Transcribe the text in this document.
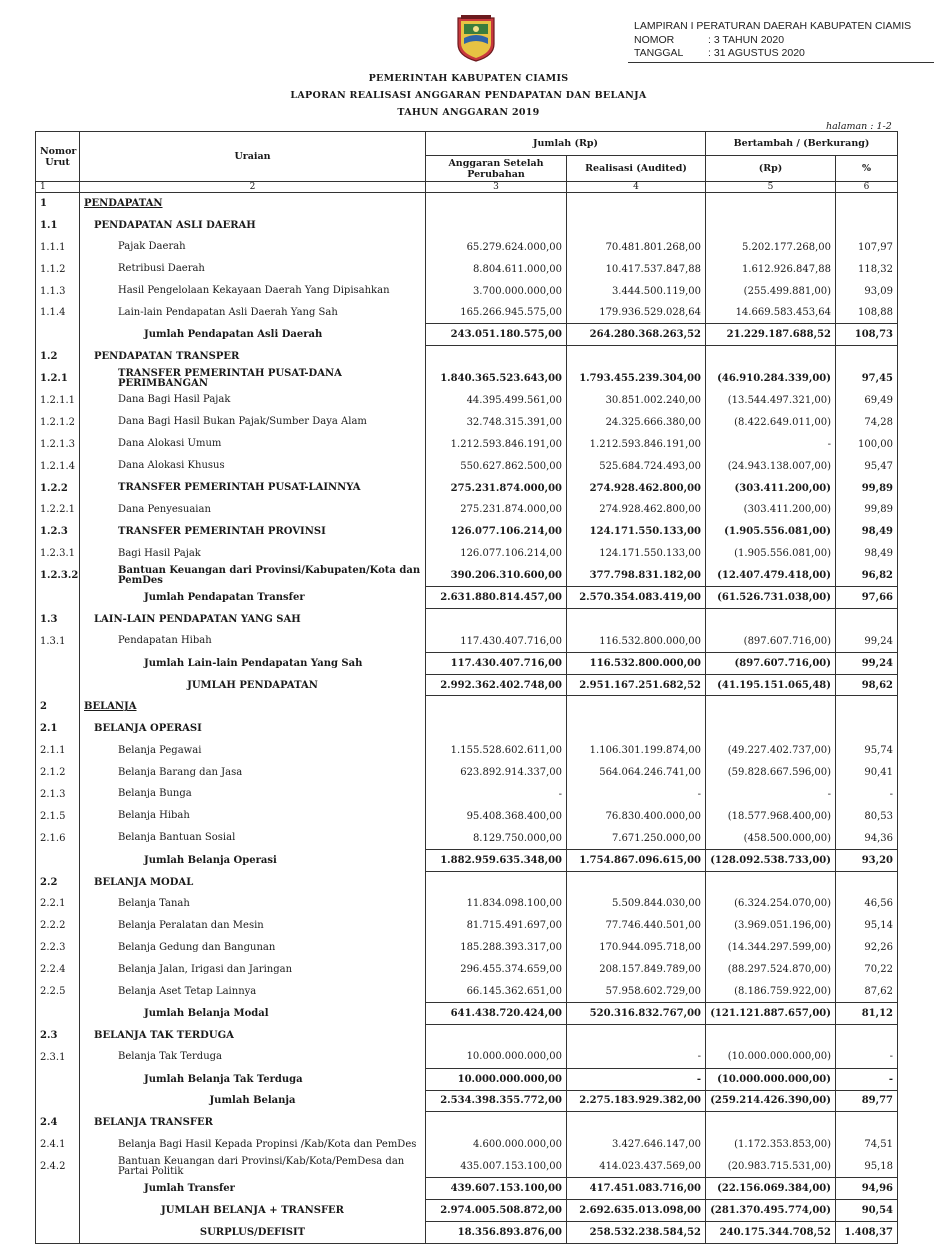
LAMPIRAN I PERATURAN DAERAH KABUPATEN CIAMIS
NOMOR	: 3 TAHUN 2020
TANGGAL : 31 AGUSTUS 2020
PEMERINTAH KABUPATEN CIAMIS
LAPORAN REALISASI ANGGARAN PENDAPATAN DAN BELANJA
TAHUN ANGGARAN 2019
halaman : 1-2
Nomor Urut	Uraian	Jumlah (Rp)		Bertambah / (Berkurang)	
		Anggaran Setelah Perubahan	Realisasi (Audited)	(Rp)	%
1	2	3	4	5	6
1	PENDAPATAN				
1.1	PENDAPATAN ASLI DAERAH				
1.1.1	Pajak Daerah	65.279.624.000,00	70.481.801.268,00	5.202.177.268,00	107,97
1.1.2	Retribusi Daerah	8.804.611.000,00	10.417.537.847,88	1.612.926.847,88	118,32
1.1.3	Hasil Pengelolaan Kekayaan Daerah Yang Dipisahkan	3.700.000.000,00	3.444.500.119,00	(255.499.881,00)	93,09
1.1.4	Lain-lain Pendapatan Asli Daerah Yang Sah	165.266.945.575,00	179.936.529.028,64	14.669.583.453,64	108,88
	Jumlah Pendapatan Asli Daerah	243.051.180.575,00	264.280.368.263,52	21.229.187.688,52	108,73
1.2	PENDAPATAN TRANSPER				
1.2.1	TRANSFER PEMERINTAH PUSAT-DANA PERIMBANGAN	1.840.365.523.643,00	1.793.455.239.304,00	(46.910.284.339,00)	97,45
1.2.1.1	Dana Bagi Hasil Pajak	44.395.499.561,00	30.851.002.240,00	(13.544.497.321,00)	69,49
1.2.1.2	Dana Bagi Hasil Bukan Pajak/Sumber Daya Alam	32.748.315.391,00	24.325.666.380,00	(8.422.649.011,00)	74,28
1.2.1.3	Dana Alokasi Umum	1.212.593.846.191,00	1.212.593.846.191,00	-	100,00
1.2.1.4	Dana Alokasi Khusus	550.627.862.500,00	525.684.724.493,00	(24.943.138.007,00)	95,47
1.2.2	TRANSFER PEMERINTAH PUSAT-LAINNYA	275.231.874.000,00	274.928.462.800,00	(303.411.200,00)	99,89
1.2.2.1	Dana Penyesuaian	275.231.874.000,00	274.928.462.800,00	(303.411.200,00)	99,89
1.2.3	TRANSFER PEMERINTAH PROVINSI	126.077.106.214,00	124.171.550.133,00	(1.905.556.081,00)	98,49
1.2.3.1	Bagi Hasil Pajak	126.077.106.214,00	124.171.550.133,00	(1.905.556.081,00)	98,49
1.2.3.2	Bantuan Keuangan dari Provinsi/Kabupaten/Kota dan PemDes	390.206.310.600,00	377.798.831.182,00	(12.407.479.418,00)	96,82
	Jumlah Pendapatan Transfer	2.631.880.814.457,00	2.570.354.083.419,00	(61.526.731.038,00)	97,66
1.3	LAIN-LAIN PENDAPATAN YANG SAH				
1.3.1	Pendapatan Hibah	117.430.407.716,00	116.532.800.000,00	(897.607.716,00)	99,24
	Jumlah Lain-lain Pendapatan Yang Sah	117.430.407.716,00	116.532.800.000,00	(897.607.716,00)	99,24
	JUMLAH PENDAPATAN	2.992.362.402.748,00	2.951.167.251.682,52	(41.195.151.065,48)	98,62
2	BELANJA				
2.1	BELANJA OPERASI				
2.1.1	Belanja Pegawai	1.155.528.602.611,00	1.106.301.199.874,00	(49.227.402.737,00)	95,74
2.1.2	Belanja Barang dan Jasa	623.892.914.337,00	564.064.246.741,00	(59.828.667.596,00)	90,41
2.1.3	Belanja Bunga	-	-	-	-
2.1.5	Belanja Hibah	95.408.368.400,00	76.830.400.000,00	(18.577.968.400,00)	80,53
2.1.6	Belanja Bantuan Sosial	8.129.750.000,00	7.671.250.000,00	(458.500.000,00)	94,36
	Jumlah Belanja Operasi	1.882.959.635.348,00	1.754.867.096.615,00	(128.092.538.733,00)	93,20
2.2	BELANJA MODAL				
2.2.1	Belanja Tanah	11.834.098.100,00	5.509.844.030,00	(6.324.254.070,00)	46,56
2.2.2	Belanja Peralatan dan Mesin	81.715.491.697,00	77.746.440.501,00	(3.969.051.196,00)	95,14
2.2.3	Belanja Gedung dan Bangunan	185.288.393.317,00	170.944.095.718,00	(14.344.297.599,00)	92,26
2.2.4	Belanja Jalan, Irigasi dan Jaringan	296.455.374.659,00	208.157.849.789,00	(88.297.524.870,00)	70,22
2.2.5	Belanja Aset Tetap Lainnya	66.145.362.651,00	57.958.602.729,00	(8.186.759.922,00)	87,62
	Jumlah Belanja Modal	641.438.720.424,00	520.316.832.767,00	(121.121.887.657,00)	81,12
2.3	BELANJA TAK TERDUGA				
2.3.1	Belanja Tak Terduga	10.000.000.000,00	-	(10.000.000.000,00)	-
	Jumlah Belanja Tak Terduga	10.000.000.000,00	-	(10.000.000.000,00)	-
	Jumlah Belanja	2.534.398.355.772,00	2.275.183.929.382,00	(259.214.426.390,00)	89,77
2.4	BELANJA TRANSFER				
2.4.1	Belanja Bagi Hasil Kepada Propinsi /Kab/Kota dan PemDes	4.600.000.000,00	3.427.646.147,00	(1.172.353.853,00)	74,51
2.4.2	Bantuan Keuangan dari Provinsi/Kab/Kota/PemDesa dan Partai Politik	435.007.153.100,00	414.023.437.569,00	(20.983.715.531,00)	95,18
	Jumlah Transfer	439.607.153.100,00	417.451.083.716,00	(22.156.069.384,00)	94,96
	JUMLAH BELANJA + TRANSFER	2.974.005.508.872,00	2.692.635.013.098,00	(281.370.495.774,00)	90,54
	SURPLUS/DEFISIT	18.356.893.876,00	258.532.238.584,52	240.175.344.708,52	1.408,37
